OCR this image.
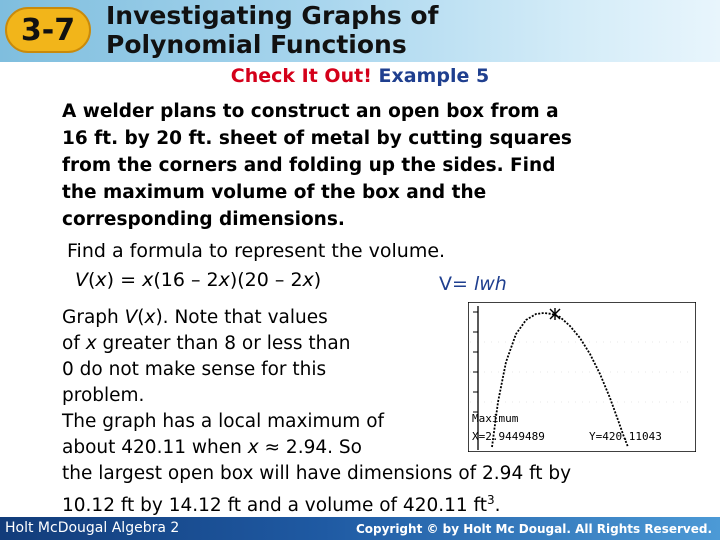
3-7	Investigating Graphs of
Polynomial Functions
Check It Out! Example 5
A welder plans to construct an open box from a
16 ft. by 20 ft. sheet of metal by cutting squares
from the corners and folding up the sides. Find
the maximum volume of the box and the
corresponding dimensions.
Find a formula to represent the volume.
V(x) = x(16 – 2x)(20 – 2x)	V= lwh
Graph V(x). Note that values
of x greater than 8 or less than
0 do not make sense for this
problem.
The graph has a local maximum of
about 420.11 when x ≈ 2.94. So
the largest open box will have dimensions of 2.94 ft by
10.12 ft by 14.12 ft and a volume of 420.11 $ft^3$.
Maximum
X=2.9449489	Y=420.11043
Holt McDougal Algebra 2	Copyright © by Holt Mc Dougal. All Rights Reserved.
